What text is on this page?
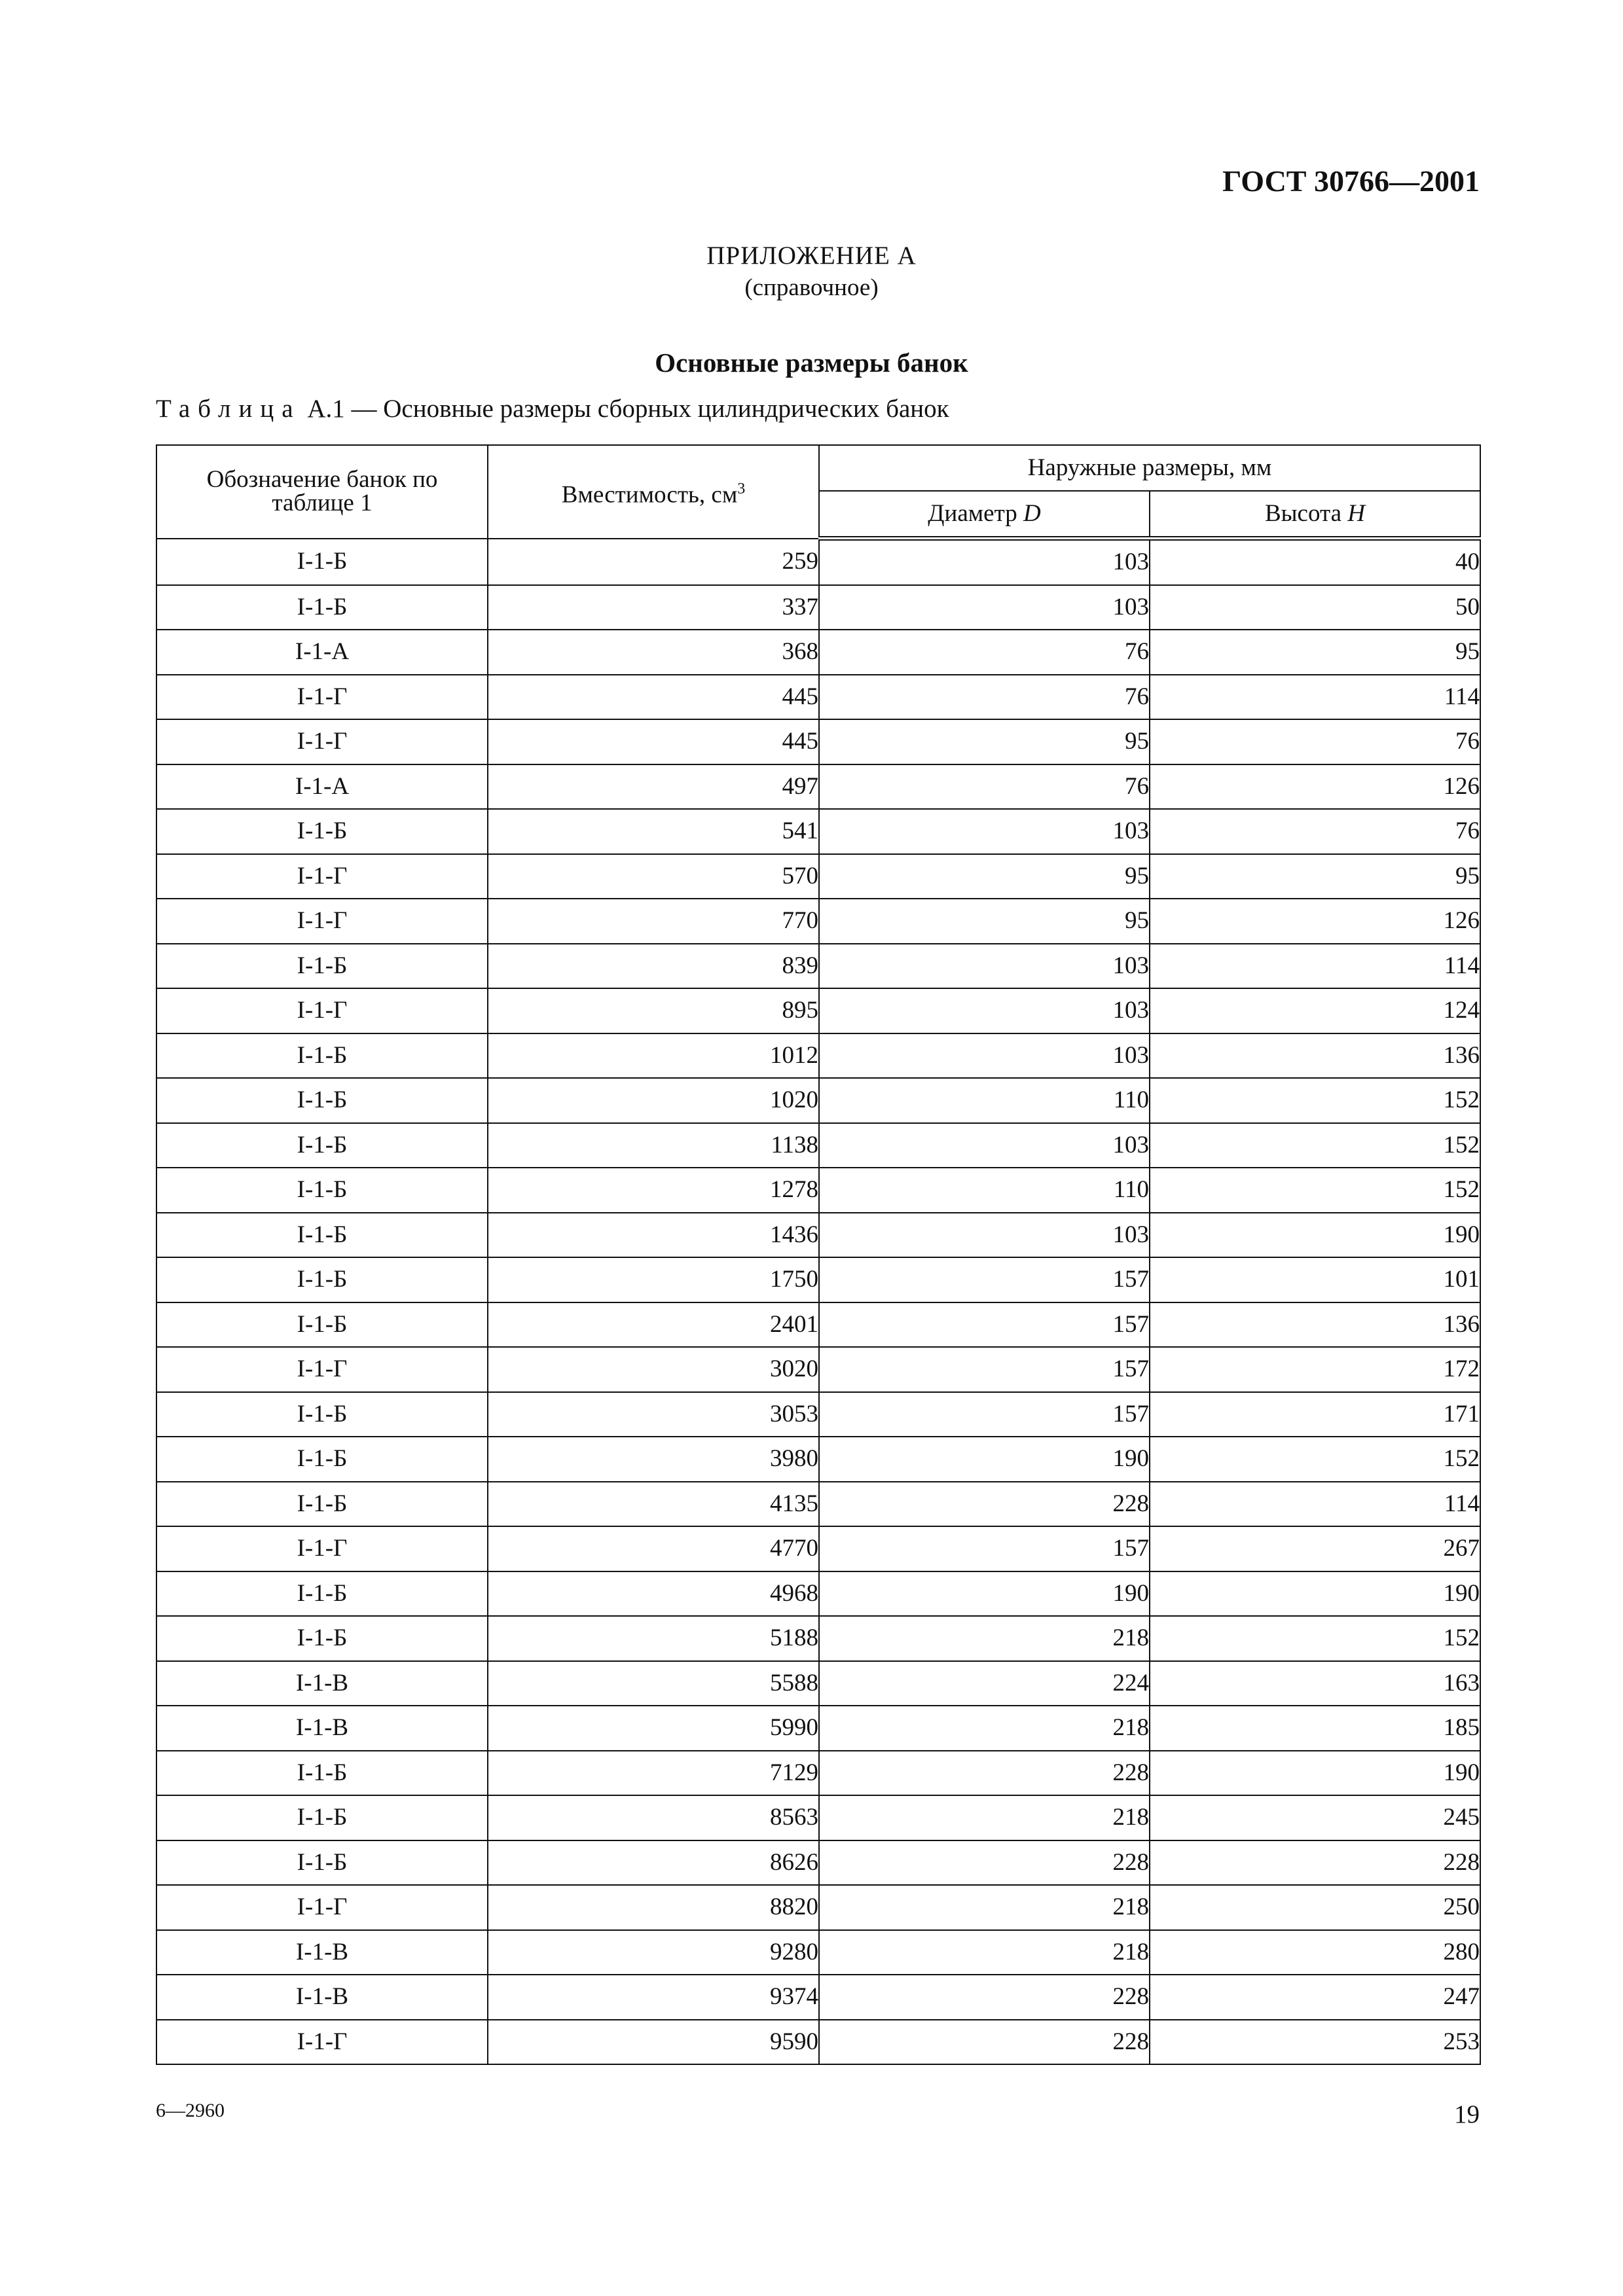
ГОСТ 30766—2001
ПРИЛОЖЕНИЕ А
(справочное)
Основные размеры банок
Таблица А.1 — Основные размеры сборных цилиндрических банок
Обозначение банок по таблице 1	Вместимость, $см^3$	Наружные размеры, мм	
		Диаметр D	Высота H
I-1-Б	259	103	40
I-1-Б	337	103	50
I-1-А	368	76	95
I-1-Г	445	76	114
I-1-Г	445	95	76
I-1-А	497	76	126
I-1-Б	541	103	76
I-1-Г	570	95	95
I-1-Г	770	95	126
I-1-Б	839	103	114
I-1-Г	895	103	124
I-1-Б	1012	103	136
I-1-Б	1020	110	152
I-1-Б	1138	103	152
I-1-Б	1278	110	152
I-1-Б	1436	103	190
I-1-Б	1750	157	101
I-1-Б	2401	157	136
I-1-Г	3020	157	172
I-1-Б	3053	157	171
I-1-Б	3980	190	152
I-1-Б	4135	228	114
I-1-Г	4770	157	267
I-1-Б	4968	190	190
I-1-Б	5188	218	152
I-1-В	5588	224	163
I-1-В	5990	218	185
I-1-Б	7129	228	190
I-1-Б	8563	218	245
I-1-Б	8626	228	228
I-1-Г	8820	218	250
I-1-В	9280	218	280
I-1-В	9374	228	247
I-1-Г	9590	228	253
6—2960	19
